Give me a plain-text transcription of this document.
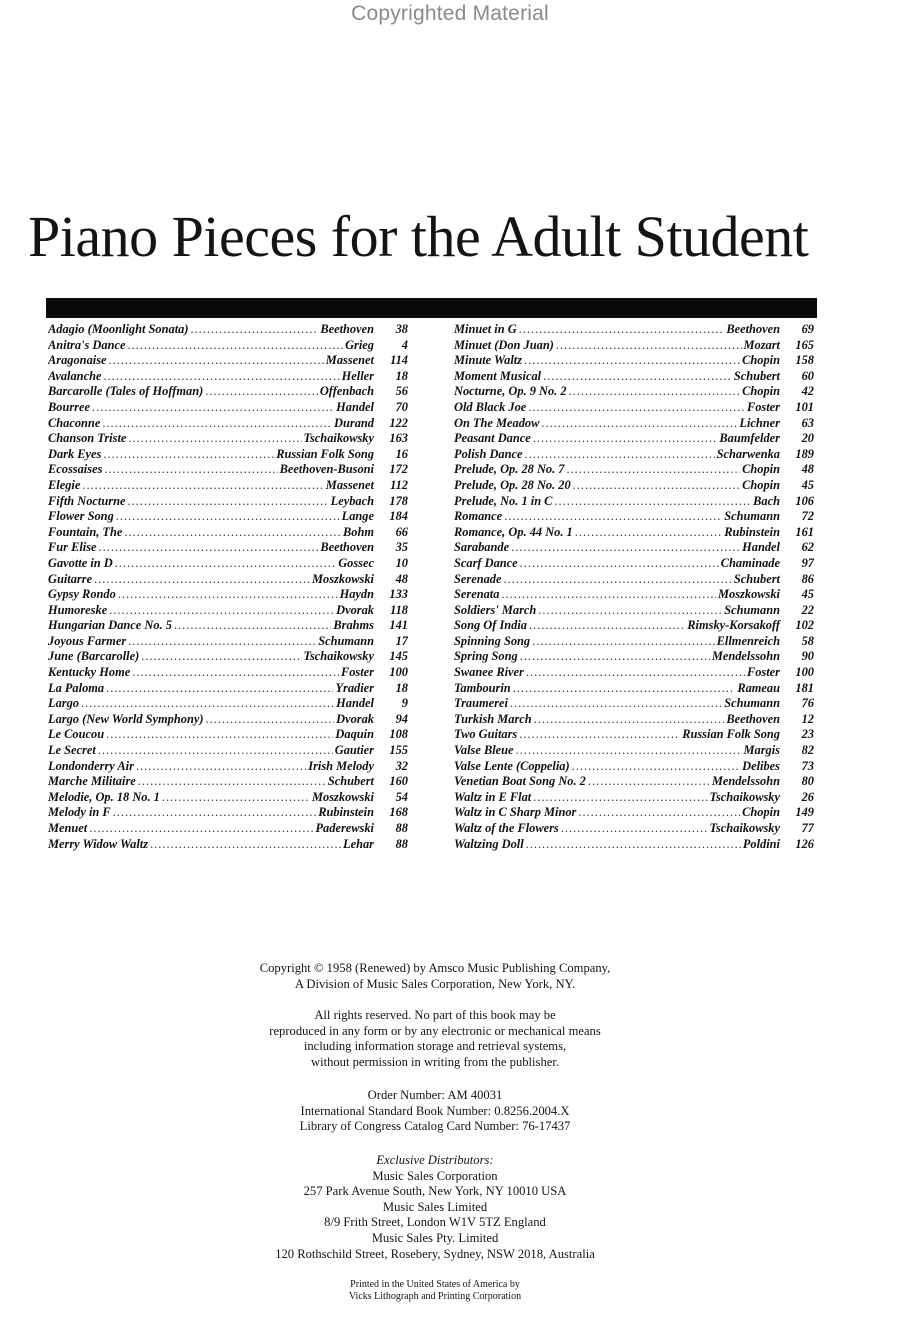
Copyrighted Material
Piano Pieces for the Adult Student
Adagio (Moonlight Sonata) .....	Beethoven	38
Anitra's Dance .....	Grieg	4
Aragonaise .....	Massenet	114
Avalanche .....	Heller	18
Barcarolle (Tales of Hoffman) .....	Offenbach	56
Bourree .....	Handel	70
Chaconne .....	Durand	122
Chanson Triste .....	Tschaikowsky	163
Dark Eyes .....	Russian Folk Song	16
Ecossaises .....	Beethoven-Busoni	172
Elegie .....	Massenet	112
Fifth Nocturne .....	Leybach	178
Flower Song .....	Lange	184
Fountain, The .....	Bohm	66
Fur Elise .....	Beethoven	35
Gavotte in D .....	Gossec	10
Guitarre .....	Moszkowski	48
Gypsy Rondo .....	Haydn	133
Humoreske .....	Dvorak	118
Hungarian Dance No. 5 .....	Brahms	141
Joyous Farmer .....	Schumann	17
June (Barcarolle) .....	Tschaikowsky	145
Kentucky Home .....	Foster	100
La Paloma .....	Yradier	18
Largo .....	Handel	9
Largo (New World Symphony) .....	Dvorak	94
Le Coucou .....	Daquin	108
Le Secret .....	Gautier	155
Londonderry Air .....	Irish Melody	32
Marche Militaire .....	Schubert	160
Melodie, Op. 18 No. 1 .....	Moszkowski	54
Melody in F .....	Rubinstein	168
Menuet .....	Paderewski	88
Merry Widow Waltz .....	Lehar	88
Minuet in G .....	Beethoven	69
Minuet (Don Juan) .....	Mozart	165
Minute Waltz .....	Chopin	158
Moment Musical .....	Schubert	60
Nocturne, Op. 9 No. 2 .....	Chopin	42
Old Black Joe .....	Foster	101
On The Meadow .....	Lichner	63
Peasant Dance .....	Baumfelder	20
Polish Dance .....	Scharwenka	189
Prelude, Op. 28 No. 7 .....	Chopin	48
Prelude, Op. 28 No. 20 .....	Chopin	45
Prelude, No. 1 in C .....	Bach	106
Romance .....	Schumann	72
Romance, Op. 44 No. 1 .....	Rubinstein	161
Sarabande .....	Handel	62
Scarf Dance .....	Chaminade	97
Serenade .....	Schubert	86
Serenata .....	Moszkowski	45
Soldiers' March .....	Schumann	22
Song Of India .....	Rimsky-Korsakoff	102
Spinning Song .....	Ellmenreich	58
Spring Song .....	Mendelssohn	90
Swanee River .....	Foster	100
Tambourin .....	Rameau	181
Traumerei .....	Schumann	76
Turkish March .....	Beethoven	12
Two Guitars .....	Russian Folk Song	23
Valse Bleue .....	Margis	82
Valse Lente (Coppelia) .....	Delibes	73
Venetian Boat Song No. 2 .....	Mendelssohn	80
Waltz in E Flat .....	Tschaikowsky	26
Waltz in C Sharp Minor .....	Chopin	149
Waltz of the Flowers .....	Tschaikowsky	77
Waltzing Doll .....	Poldini	126
Copyright © 1958 (Renewed) by Amsco Music Publishing Company,
A Division of Music Sales Corporation, New York, NY.
All rights reserved. No part of this book may be
reproduced in any form or by any electronic or mechanical means
including information storage and retrieval systems,
without permission in writing from the publisher.
Order Number: AM 40031
International Standard Book Number: 0.8256.2004.X
Library of Congress Catalog Card Number: 76-17437
Exclusive Distributors:
Music Sales Corporation
257 Park Avenue South, New York, NY 10010 USA
Music Sales Limited
8/9 Frith Street, London W1V 5TZ England
Music Sales Pty. Limited
120 Rothschild Street, Rosebery, Sydney, NSW 2018, Australia
Printed in the United States of America by
Vicks Lithograph and Printing Corporation
